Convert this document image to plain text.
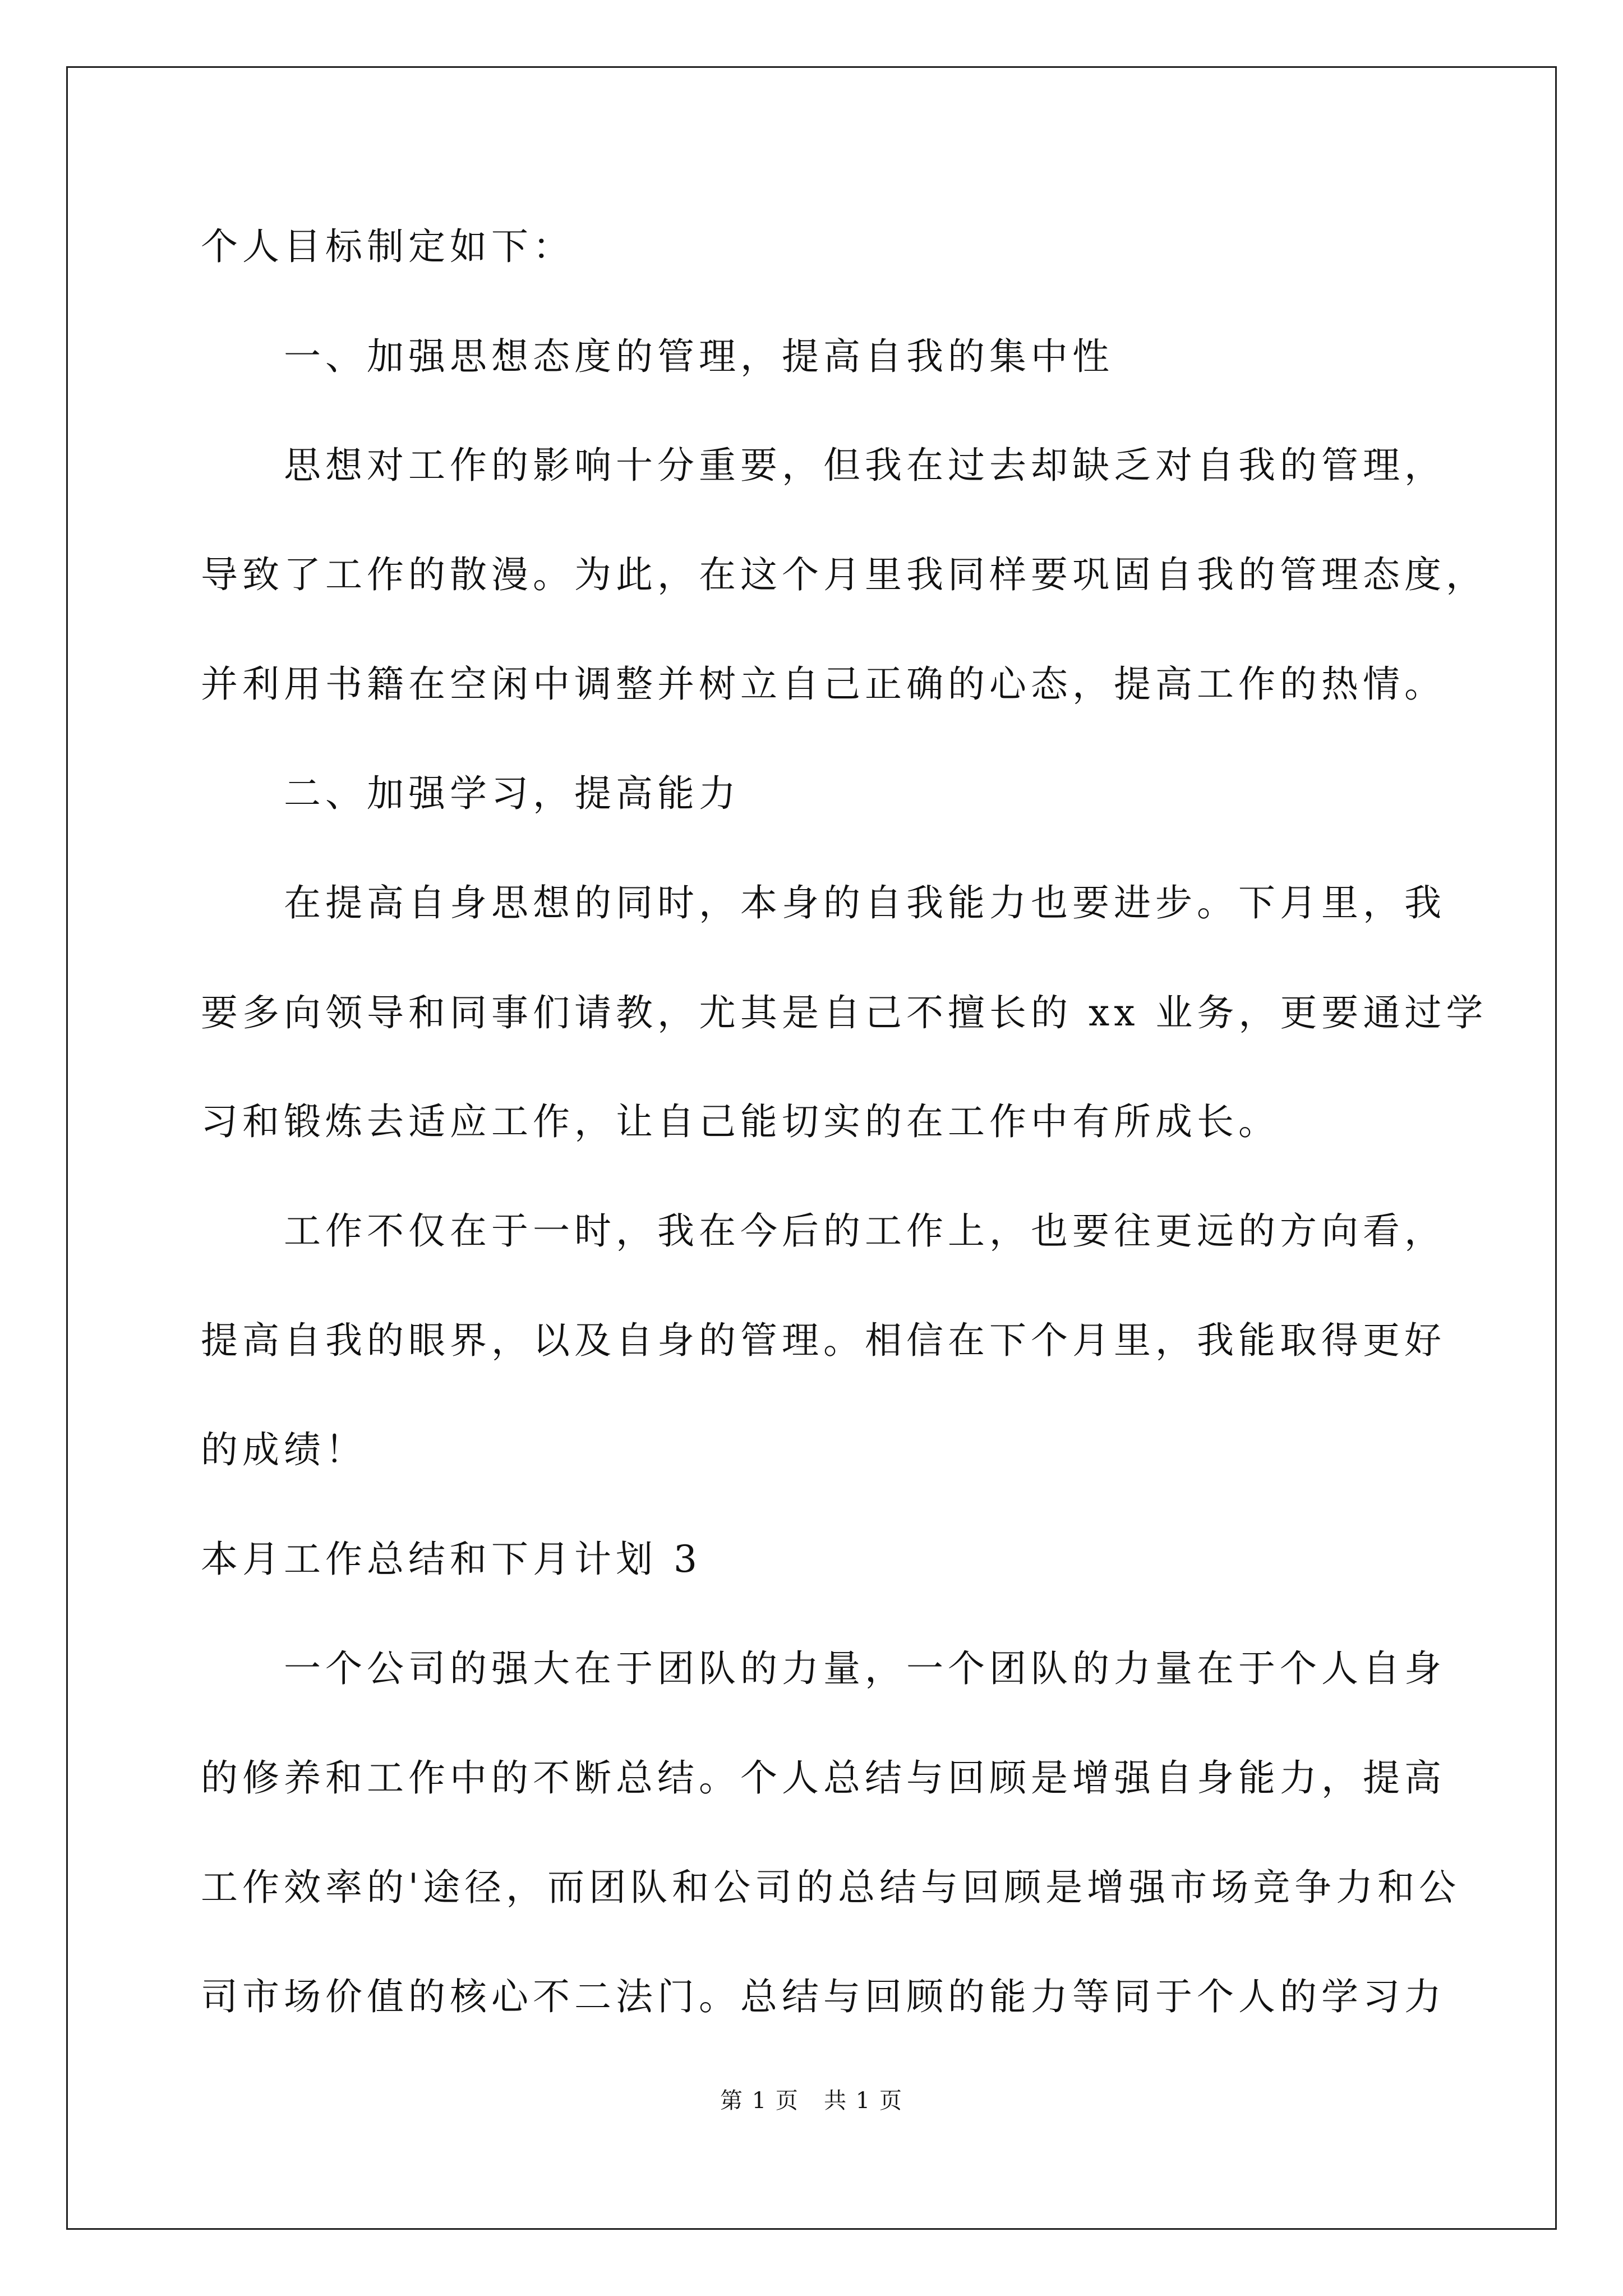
个人目标制定如下：
一、加强思想态度的管理，提高自我的集中性
思想对工作的影响十分重要，但我在过去却缺乏对自我的管理，
导致了工作的散漫。为此，在这个月里我同样要巩固自我的管理态度，
并利用书籍在空闲中调整并树立自己正确的心态，提高工作的热情。
二、加强学习，提高能力
在提高自身思想的同时，本身的自我能力也要进步。下月里，我
要多向领导和同事们请教，尤其是自己不擅长的 xx 业务，更要通过学
习和锻炼去适应工作，让自己能切实的在工作中有所成长。
工作不仅在于一时，我在今后的工作上，也要往更远的方向看，
提高自我的眼界，以及自身的管理。相信在下个月里，我能取得更好
的成绩！
本月工作总结和下月计划 3
一个公司的强大在于团队的力量，一个团队的力量在于个人自身
的修养和工作中的不断总结。个人总结与回顾是增强自身能力，提高
工作效率的'途径，而团队和公司的总结与回顾是增强市场竞争力和公
司市场价值的核心不二法门。总结与回顾的能力等同于个人的学习力
第 1 页   共 1 页
